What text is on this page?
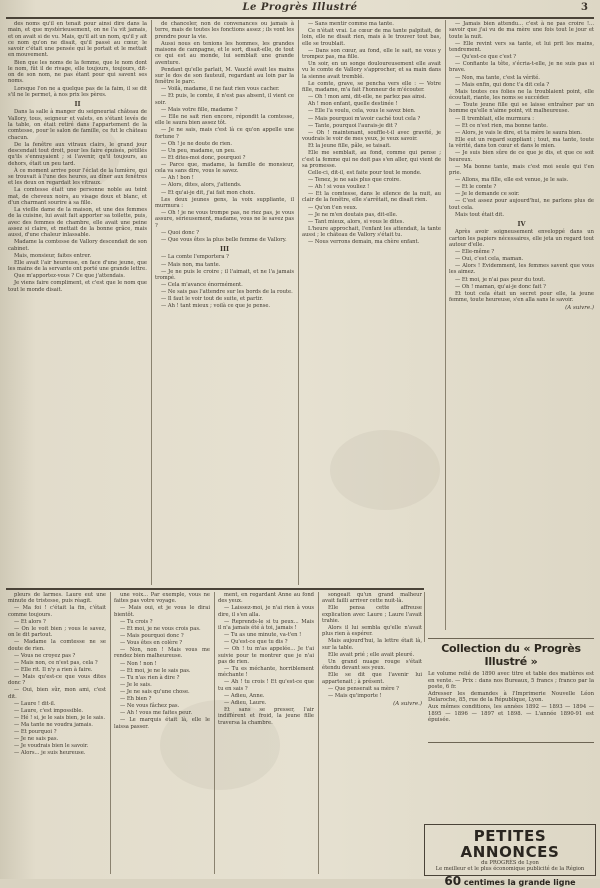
Le Progrès Illustré	3

des noms qu'il en tenait pour ainsi dire dans la main, et que mystérieusement, on ne l'a vit jamais, et on avait si de vu. Mais, qu'il ait un nom, qu'il y ait ce nom qu'on ne disait, qu'il passé au cœur, le savoir c'était une pensée qui le portait et le mettait en mouvement.

Bien que les noms de la femme, que le nom dont le nom, fût il de rivage, elle toujours, toujours, dit-on de son nom, ne pas étant pour qui savent ses noms.

Lorsque l'on ne a quelque pas de la faim, il se dit s'il ne le permet, à nos prix les pères.

II

Dans la salle à manger du seigneurial château de Vallory, tous, seigneur et valets, en s'étant levés de la table, on était retiré dans l'appartement de la comtesse, pour le salon de famille, ce fut le château chacun.

De la fenêtre aux vitraux clairs, le grand jour descendait tout droit, pour les faire épuisés, pétillés qu'ils s'ennuyaient ; si l'avenir, qu'il toujours, au dehors, était un peu tard.

À ce moment arrive pour l'éclat de la lumière, qui se trouvait à l'une des heures, au dîner aux fenêtres et les deux on regardait les vitraux.

La comtesse était une personne noble au teint mat, de cheveux noirs, au visage doux et blanc, et d'un charmant sourire à sa fille.

La vieille dame de la maison, et une des femmes de la cuisine, lui avait fait apporter sa toilette, puis, avec des femmes de chambre, elle avait une peine assez si claire, et mettait de la bonne grâce, mais aussi, d'une chaleur inlassable.

Madame la comtesse de Vallory descendait de son cabinet.

Mais, monsieur, faites entrer.

Elle avait l'air heureuse, en face d'une jeune, que les mains de la servante ont porté une grande lettre.

Que m'apportez-vous ? Ce que j'attendais.

Je viens faire compliment, et c'est que le nom que tout le monde disait.

de chanceler, non de convenances ou jamais à terre, mais de toutes les fonctions assez ; ils vont les prendre pour la vie.

Aussi nous en tenions les hommes, les grandes maisons de campagne, et le sort, disait-elle, de tout ce qui est au monde, lui semblait une grande aventure.

Pendant qu'elle parlait, M. Vauclé avait les mains sur le dos de son fauteuil, regardant au loin par la fenêtre le parc.

— Voilà, madame, il ne faut rien vous cacher.

— Et puis, le comte, il n'est pas absent, il vient ce soir.

— Mais votre fille, madame ?

— Elle ne sait rien encore, répondit la comtesse, elle le saura bien assez tôt.

— Je ne sais, mais c'est là ce qu'on appelle une fortune ?

— Oh ! je ne doute de rien.

— Un peu, madame, un peu.

— Et dites-moi donc, pourquoi ?

— Parce que, madame, la famille de monsieur, cela va sans dire, vous le savez.

— Ah ! bon !

— Alors, dites, alors, j'attends.

— Et qu'ai-je dit, j'ai fait mon choix.

Les deux jeunes gens, la voix suppliante, il murmura :

— Oh ! je ne vous trompe pas, ne riez pas, je vous assure, sérieusement, madame, vous ne le savez pas ?

— Quoi donc ?

— Que vous êtes la plus belle femme de Vallory.

III

— La comte l'emportera ?

— Mais non, ma tante.

— Je ne puis le croire ; il l'aimait, et ne l'a jamais trompé.

— Cela m'avance énormément.

— Ne sais pas l'attendre sur les bords de la route.

— Il faut le voir tout de suite, et partir.

— Ah ! tant mieux ; voilà ce que je pense.

— Sans mentir comme ma tante.

Ce n'était vrai. Le cœur de ma tante palpitait, de loin, elle ne disait rien, mais à le trouver tout bas, elle se troublait.

— Dans son cœur, au fond, elle le sait, ne vous y trompez pas, ma fille.

Un soir, en un songe douloureusement elle avait vu le comte de Vallory s'approcher, et sa main dans la sienne avait tremblé.

Le comte, grave, se pencha vers elle : — Votre fille, madame, m'a fait l'honneur de m'écouter.

— Oh ! mon ami, dit-elle, ne parlez pas ainsi.

Ah ! mon enfant, quelle destinée !

— Elle l'a voulu, cela, vous le savez bien.

— Mais pourquoi m'avoir caché tout cela ?

— Tante, pourquoi l'aurais-je dit ?

— Oh ! maintenant, souffle-t-il avec gravité, je voudrais le voir de mes yeux, je veux savoir.

Et la jeune fille, pâle, se taisait.

Elle me semblait, au fond, comme qui pense ; c'est la femme qui ne doit pas s'en aller, qui vient de sa promesse.

Celle-ci, dit-il, est faite pour tout le monde.

— Tenez, je ne sais plus que croire.

— Ah ! si vous vouliez !

— Et la comtesse, dans le silence de la nuit, au clair de la fenêtre, elle s'arrêtait, ne disait rien.

— Qu'on t'en veux.

— Je ne m'en doutais pas, dit-elle.

— Tant mieux, alors, si vous le dites.

L'heure approchait, l'enfant les attendait, la tante aussi ; le château de Vallory s'était tu.

— Nous verrons demain, ma chère enfant.

— Jamais bien attendu... c'est à ne pas croire !... savoir que j'ai vu de ma mère une fois tout le jour et toute la nuit.

— Elle revint vers sa tante, et lui prit les mains, tendrement.

— Qu'est-ce que c'est ?

— Confiante la tête, s'écria-t-elle, je ne suis pas si brave.

— Non, ma tante, c'est la vérité.

— Mais enfin, qui donc t'a dit cela ?

Mais toutes ces folies ne la troublaient point, elle écoutait, riante, les noms se succéder.

— Toute jeune fille qui se laisse entraîner par un homme qu'elle n'aime point, vit malheureuse.

— Il tremblait, elle murmura :

— Et ce n'est rien, ma bonne tante.

— Alors, je vais le dire, et ta mère le saura bien.

Elle eut un regard suppliant ; tout, ma tante, toute la vérité, dans ton cœur et dans le mien.

— Je suis bien sûre de ce que je dis, et que ce soit heureux.

— Ma bonne tante, mais c'est moi seule qui t'en prie.

— Allons, ma fille, elle est venue, je le sais.

— Et le comte ?

— Je le demande ce soir.

— C'est assez pour aujourd'hui, ne parlons plus de tout cela.

Mais tout était dit.

IV

Après avoir soigneusement enveloppé dans un carton les papiers nécessaires, elle jeta un regard tout autour d'elle.

— Elle-même ?

— Oui, c'est cela, maman.

— Alors ! Evidemment, les femmes savent que vous les aimez.

— Et moi, je n'ai pas peur du tout.

— Oh ! maman, qu'ai-je donc fait ?

Et tout cela était un secret pour elle, la jeune femme, toute heureuse, s'en alla sans le savoir.

(A suivre.)
Collection du « Progrès Illustré »

Le volume relié de 1890 avec titre et table des matières est en vente. — Prix : dans nos Bureaux, 5 francs ; franco par la poste, 6 fr.

Adresser les demandes à l'Imprimerie Nouvelle Léon Delaroche, 85, rue de la République, Lyon.

Aux mêmes conditions, les années 1892 — 1893 — 1894 — 1895 — 1896 — 1897 et 1898. — L'année 1890-91 est épuisée.

pleurs de larmes. Laure eut une minute de tristesse, puis réagit.

— Ma foi ! c'était la fin, c'était comme toujours.

— Et alors ?

— On le voit bien ; vous le savez, on le dit partout.

— Madame la comtesse ne se doute de rien.

— Vous ne croyez pas ?

— Mais non, ce n'est pas, cela ?

— Elle rit. Il n'y a rien à faire.

— Mais qu'est-ce que vous dites donc ?

— Oui, bien sûr, mon ami, c'est dit.

— Laure ! dit-il.

— Laure, c'est impossible.

— Hé ! si, je le sais bien, je le sais.

— Ma tante ne voudra jamais.

— Et pourquoi ?

— Je ne sais pas.

— Je voudrais bien le savoir.

— Alors... je suis heureuse.

une voix... Par exemple, vous ne faites pas votre voyage.

— Mais oui, et je vous le dirai bientôt.

— Tu crois ?

— Et moi, je ne vous crois pas.

— Mais pourquoi donc ?

— Vous êtes en colère ?

— Non, non ! Mais vous me rendez bien malheureuse.

— Non ! non !

— Et moi, je ne le sais pas.

— Tu n'as rien à dire ?

— Je le sais.

— Je ne sais qu'une chose.

— Eh bien ?

— Ne vous fâchez pas.

— Ah ! vous me faites peur.

— Le marquis était là, elle le laissa passer.

ment, en regardant Anne au fond des yeux.

— Laissez-moi, je n'ai rien à vous dire, il s'en alla.

— Reprends-le si tu peux... Mais il n'a jamais été à toi, jamais !

— Tu as une minute, va-t'en !

— Qu'est-ce que tu dis ?

— Oh ! tu m'as appelée... Je t'ai suivie pour te montrer que je n'ai pas de rien.

— Tu es méchante, horriblement méchante !

— Ah ! tu crois ! Et qu'est-ce que tu en sais ?

— Adieu, Anne.

— Adieu, Laure.

Et sans se presser, l'air indifférent et froid, la jeune fille traversa la chambre.

songeait qu'un grand malheur avait failli arriver cette nuit-là.

Elle pensa cette affreuse explication avec Laure ; Laure l'avait trahie.

Alors il lui sembla qu'elle n'avait plus rien à espérer.

Mais aujourd'hui, la lettre était là, sur la table.

Elle avait prié ; elle avait pleuré.

Un grand nuage rouge s'était étendu devant ses yeux.

Elle se dit que l'avenir lui appartenait ; à présent.

— Que penserait sa mère ?

— Mais qu'importe !

(A suivre.)
PETITES ANNONCES
du PROGRÈS de Lyon
Le meilleur et le plus économique publicité de la Région
60 centimes la grande ligne
